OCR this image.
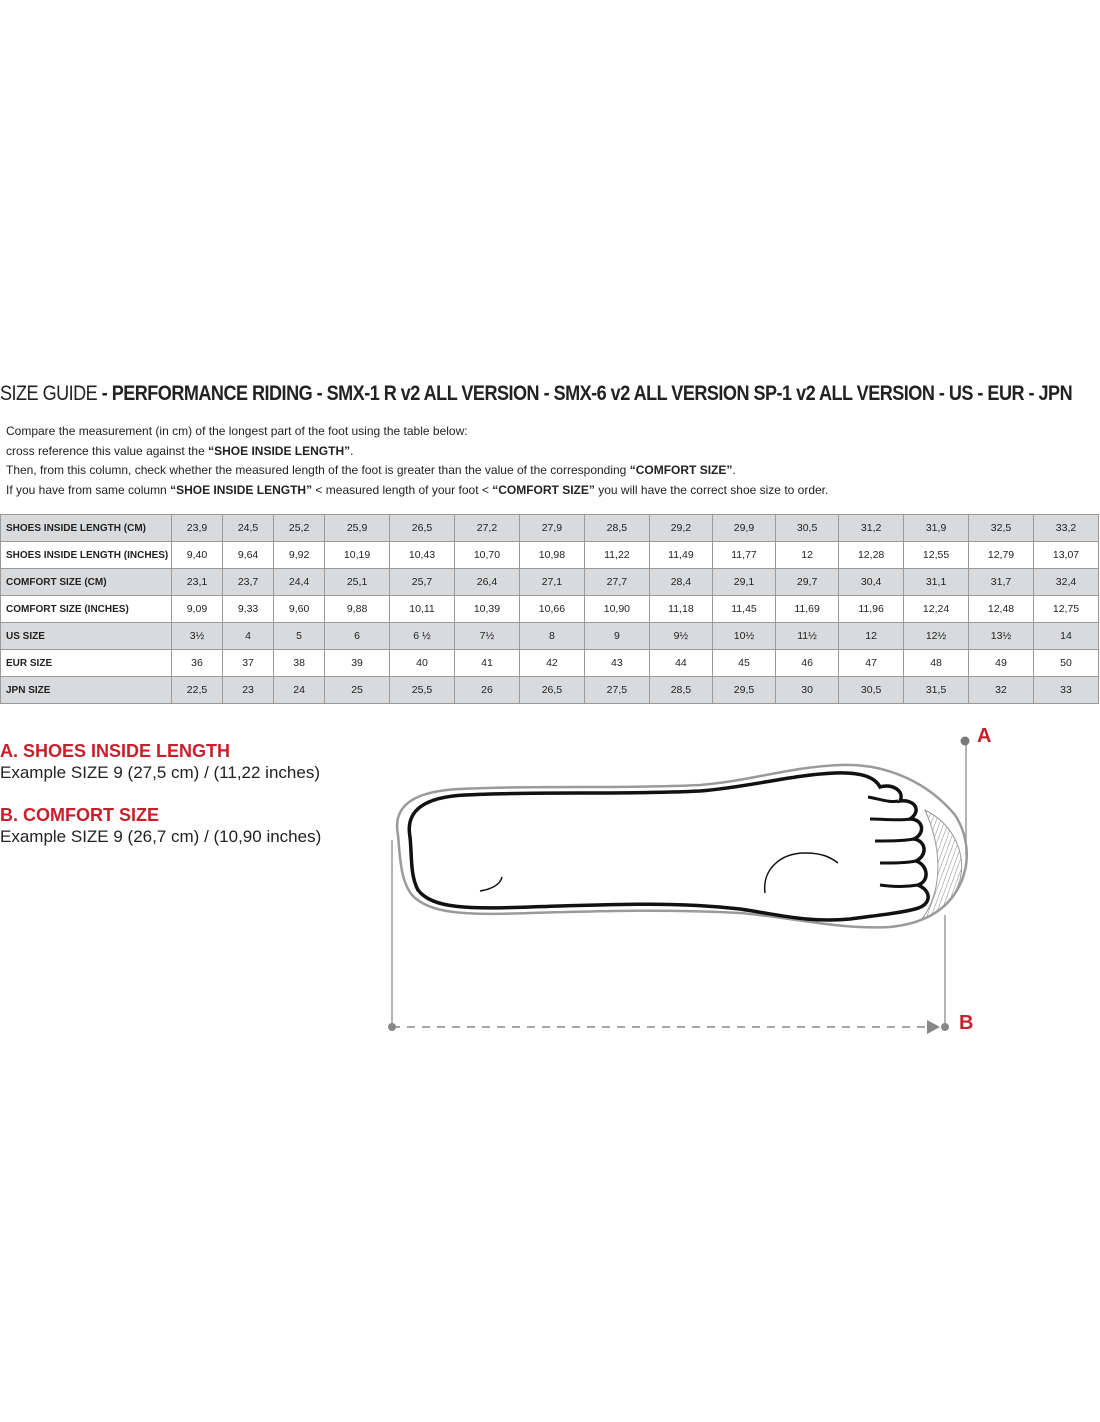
SIZE GUIDE - PERFORMANCE RIDING - SMX-1 R v2 ALL VERSION - SMX-6 v2 ALL VERSION SP-1 v2 ALL VERSION - US - EUR - JPN

Compare the measurement (in cm) of the longest part of the foot using the table below:

cross reference this value against the “SHOE INSIDE LENGTH”.

Then, from this column, check whether the measured length of the foot is greater than the value of the corresponding “COMFORT SIZE”.

If you have from same column “SHOE INSIDE LENGTH” < measured length of your foot < “COMFORT SIZE” you will have the correct shoe size to order.

SHOES INSIDE LENGTH (CM)	23,9	24,5	25,2	25,9	26,5	27,2	27,9	28,5	29,2	29,9	30,5	31,2	31,9	32,5	33,2
SHOES INSIDE LENGTH (INCHES)	9,40	9,64	9,92	10,19	10,43	10,70	10,98	11,22	11,49	11,77	12	12,28	12,55	12,79	13,07
COMFORT SIZE (CM)	23,1	23,7	24,4	25,1	25,7	26,4	27,1	27,7	28,4	29,1	29,7	30,4	31,1	31,7	32,4
COMFORT SIZE (INCHES)	9,09	9,33	9,60	9,88	10,11	10,39	10,66	10,90	11,18	11,45	11,69	11,96	12,24	12,48	12,75
US SIZE	3½	4	5	6	6 ½	7½	8	9	9½	10½	11½	12	12½	13½	14
EUR SIZE	36	37	38	39	40	41	42	43	44	45	46	47	48	49	50
JPN SIZE	22,5	23	24	25	25,5	26	26,5	27,5	28,5	29,5	30	30,5	31,5	32	33
A. SHOES INSIDE LENGTH
Example SIZE 9 (27,5 cm) / (11,22 inches)
B. COMFORT SIZE
Example SIZE 9 (26,7 cm) / (10,90 inches)
A
B
